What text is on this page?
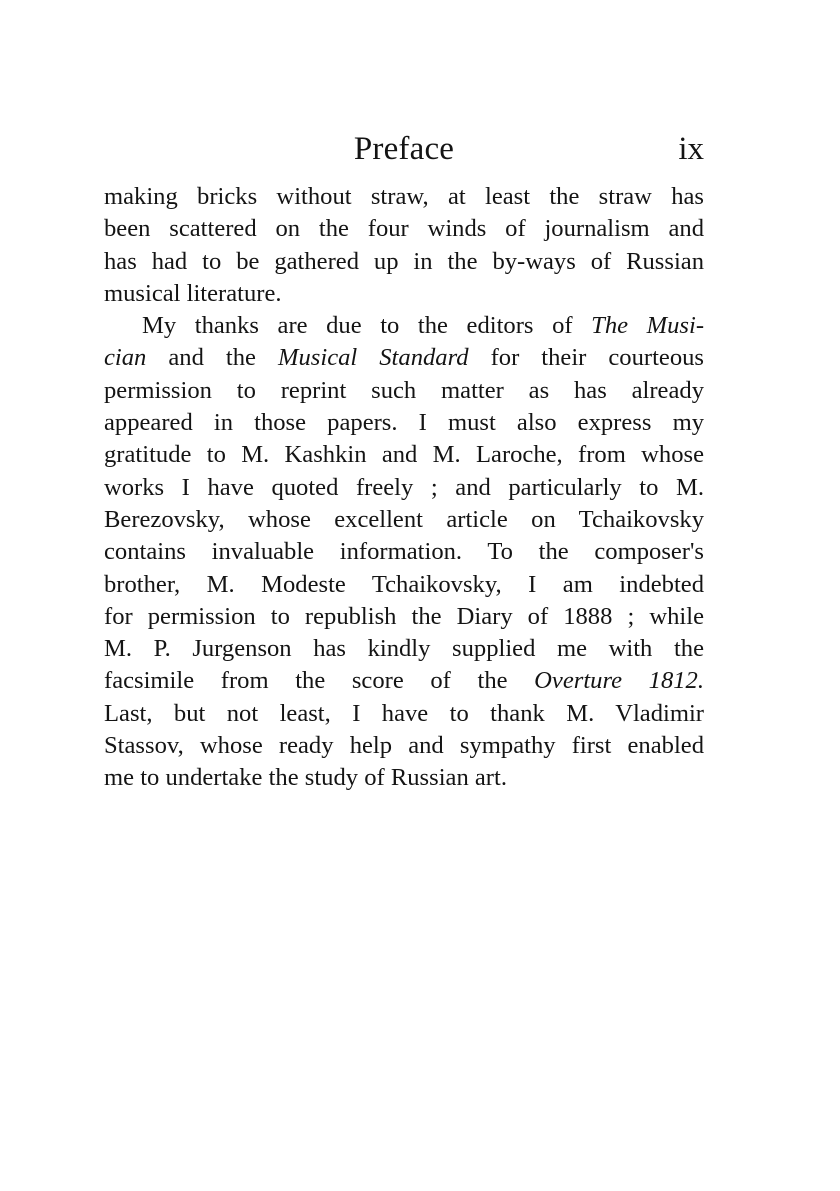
Preface	ix
making bricks without straw, at least the straw has
been scattered on the four winds of journalism and
has had to be gathered up in the by-ways of Russian
musical literature.
My thanks are due to the editors of The Musi-
cian and the Musical Standard for their courteous
permission to reprint such matter as has already
appeared in those papers. I must also express my
gratitude to M. Kashkin and M. Laroche, from whose
works I have quoted freely ; and particularly to M.
Berezovsky, whose excellent article on Tchaikovsky
contains invaluable information. To the composer's
brother, M. Modeste Tchaikovsky, I am indebted
for permission to republish the Diary of 1888 ; while
M. P. Jurgenson has kindly supplied me with the
facsimile from the score of the Overture 1812.
Last, but not least, I have to thank M. Vladimir
Stassov, whose ready help and sympathy first enabled
me to undertake the study of Russian art.
